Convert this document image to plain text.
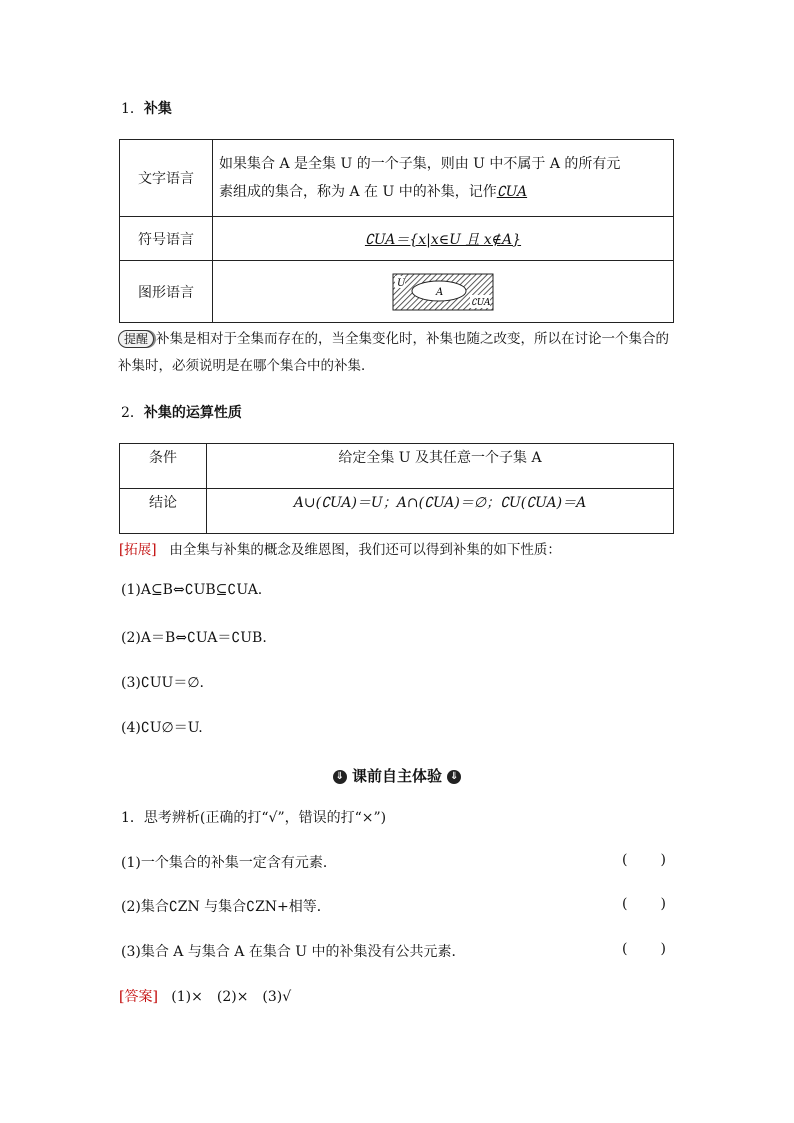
1．补集
文字语言	如果集合 A 是全集 U 的一个子集，则由 U 中不属于 A 的所有元
素组成的集合，称为 A 在 U 中的补集，记作∁UA

符号语言	∁UA＝{x|x∈U 且 x∉A}
图形语言	U
A
∁UA
提醒 补集是相对于全集而存在的，当全集变化时，补集也随之改变，所以在讨论一个集合的补集时，必须说明是在哪个集合中的补集．
2．补集的运算性质
条件	给定全集 U 及其任意一个子集 A
结论	A∪(∁UA)＝U；A∩(∁UA)＝∅；∁U(∁UA)＝A
[拓展] 由全集与补集的概念及维恩图，我们还可以得到补集的如下性质：
(1)A⊆B⇔∁UB⊆∁UA.
(2)A＝B⇔∁UA＝∁UB.
(3)∁UU＝∅.
(4)∁U∅＝U.
⇓ 课前自主体验 ⇓
1．思考辨析(正确的打“√”，错误的打“×”)
(1)一个集合的补集一定含有元素．	( )
(2)集合∁ZN 与集合∁ZN+相等．	( )
(3)集合 A 与集合 A 在集合 U 中的补集没有公共元素．	( )
[答案] (1)×　(2)×　(3)√
